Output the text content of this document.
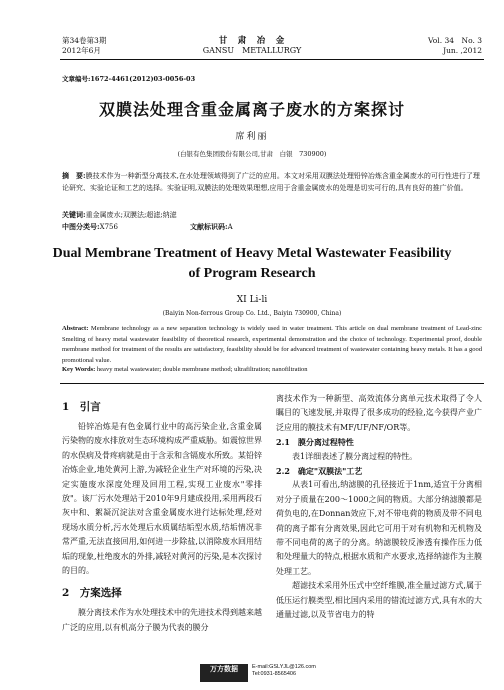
第34卷第3期
2012年6月
甘　肃　冶　金
GANSU　METALLURGY
Vol. 34　No. 3
Jun. ,2012
文章编号:1672-4461(2012)03-0056-03
双膜法处理含重金属离子废水的方案探讨
席利丽
(白银有色集团股份有限公司,甘肃　白银　730900)
摘　要:膜技术作为一种新型分离技术,在水处理领域得到了广泛的应用。本文对采用双膜法处理铅锌冶炼含重金属废水的可行性进行了理论研究、实验论证和工艺的选择。实验证明,双膜法的处理效果理想,应用于含重金属废水的处理是切实可行的,具有良好的推广价值。
关键词:重金属废水;双膜法;超滤;纳滤
中图分类号:X756	文献标识码:A
Dual Membrane Treatment of Heavy Metal Wastewater Feasibility
of Program Research
XI Li-li
(Baiyin Non-ferrous Group Co. Ltd., Baiyin 730900, China)
Abstract: Membrane technology as a new separation technology is widely used in water treatment. This article on dual membrane treatment of Lead-zinc Smelting of heavy metal wastewater feasibility of theoretical research, experimental demonstration and the choice of technology. Experimental proof, double membrane method for treatment of the results are satisfactory, feasibility should be for advanced treatment of wastewater containing heavy metals. It has a good promotional value.
Key Words: heavy metal wastewater; double membrane method; ultrafiltration; nanofiltration
1　引言

铅锌冶炼是有色金属行业中的高污染企业,含重金属污染物的废水排放对生态环境构成严重威胁。如震惊世界的水俣病及骨疼病就是由于含汞和含镉废水所致。某铅锌冶炼企业,地处黄河上游,为减轻企业生产对环境的污染,决定实施废水深度处理及回用工程,实现工业废水"零排放"。该厂污水处理站于2010年9月建成投用,采用两段石灰中和、絮凝沉淀法对含重金属废水进行达标处理,经对现场水质分析,污水处理后水质属结垢型水质,结垢情况非常严重,无法直接回用,如何进一步除盐,以消除废水回用结垢的现象,杜绝废水的外排,减轻对黄河的污染,是本次探讨的目的。

2　方案选择

膜分离技术作为水处理技术中的先进技术得到越来越广泛的应用,以有机高分子膜为代表的膜分

离技术作为一种新型、高效流体分离单元技术取得了令人瞩目的飞速发展,并取得了很多成功的经验,迄今获得产业广泛应用的膜技术有MF/UF/NF/OR等。

2.1　膜分离过程特性

表1详细表述了膜分离过程的特性。

2.2　确定"双膜法"工艺

从表1可看出,纳滤膜的孔径接近于1nm,适宜于分离相对分子质量在200～1000之间的物质。大部分纳滤膜都是荷负电的,在Donnan效应下,对不带电荷的物质及带不同电荷的离子都有分离效果,因此它可用于对有机物和无机物及带不同电荷的离子的分离。纳滤膜较反渗透有操作压力低和处理量大的特点,根据水质和产水要求,选择纳滤作为主膜处理工艺。

超滤技术采用外压式中空纤维膜,准全量过滤方式,属于低压运行膜类型,相比国内采用的错流过滤方式,具有水的大通量过滤,以及节省电力的特

万方数据	E-mail:GSLYJL@126.com
Tel:0931-8565406
